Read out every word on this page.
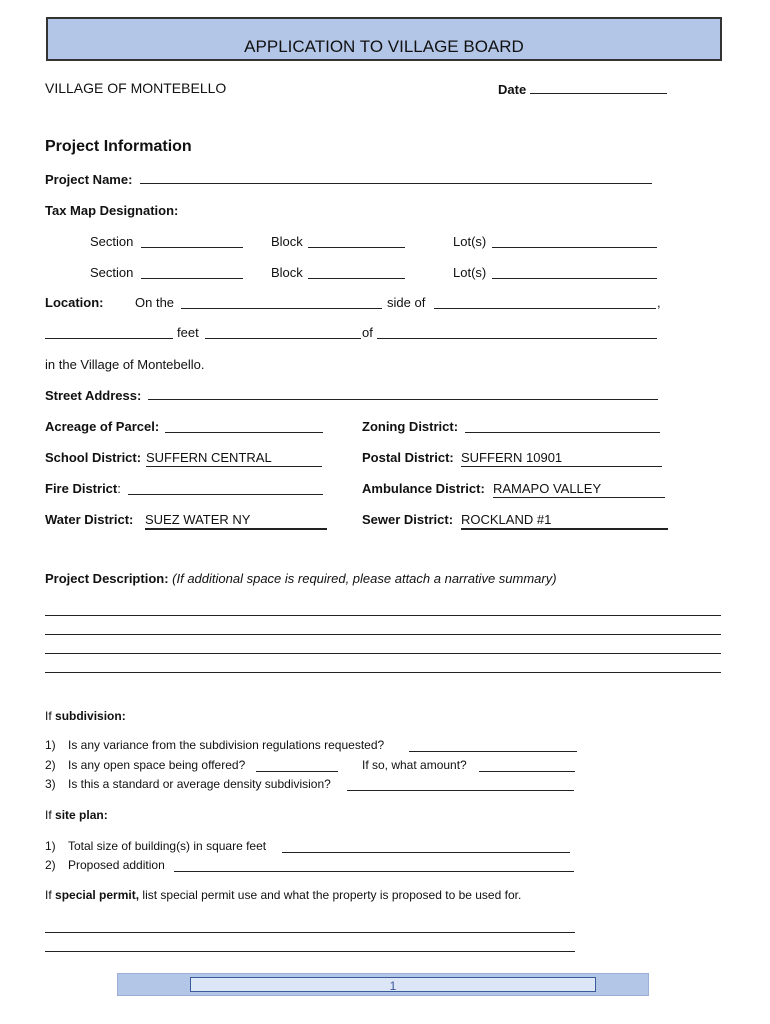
APPLICATION TO VILLAGE BOARD
VILLAGE OF MONTEBELLO	Date
Project Information
Project Name:
Tax Map Designation:
Section	Block	Lot(s)
Section	Block	Lot(s)
Location: On the	side of	,
feet	of
in the Village of Montebello.
Street Address:
Acreage of Parcel:	Zoning District:
School District: SUFFERN CENTRAL	Postal District: SUFFERN 10901
Fire District:	Ambulance District: RAMAPO VALLEY
Water District: SUEZ WATER NY	Sewer District: ROCKLAND #1
Project Description: (If additional space is required, please attach a narrative summary)
If subdivision:
1) Is any variance from the subdivision regulations requested?
2) Is any open space being offered?	If so, what amount?
3) Is this a standard or average density subdivision?
If site plan:
1) Total size of building(s) in square feet
2) Proposed addition
If special permit, list special permit use and what the property is proposed to be used for.
1
